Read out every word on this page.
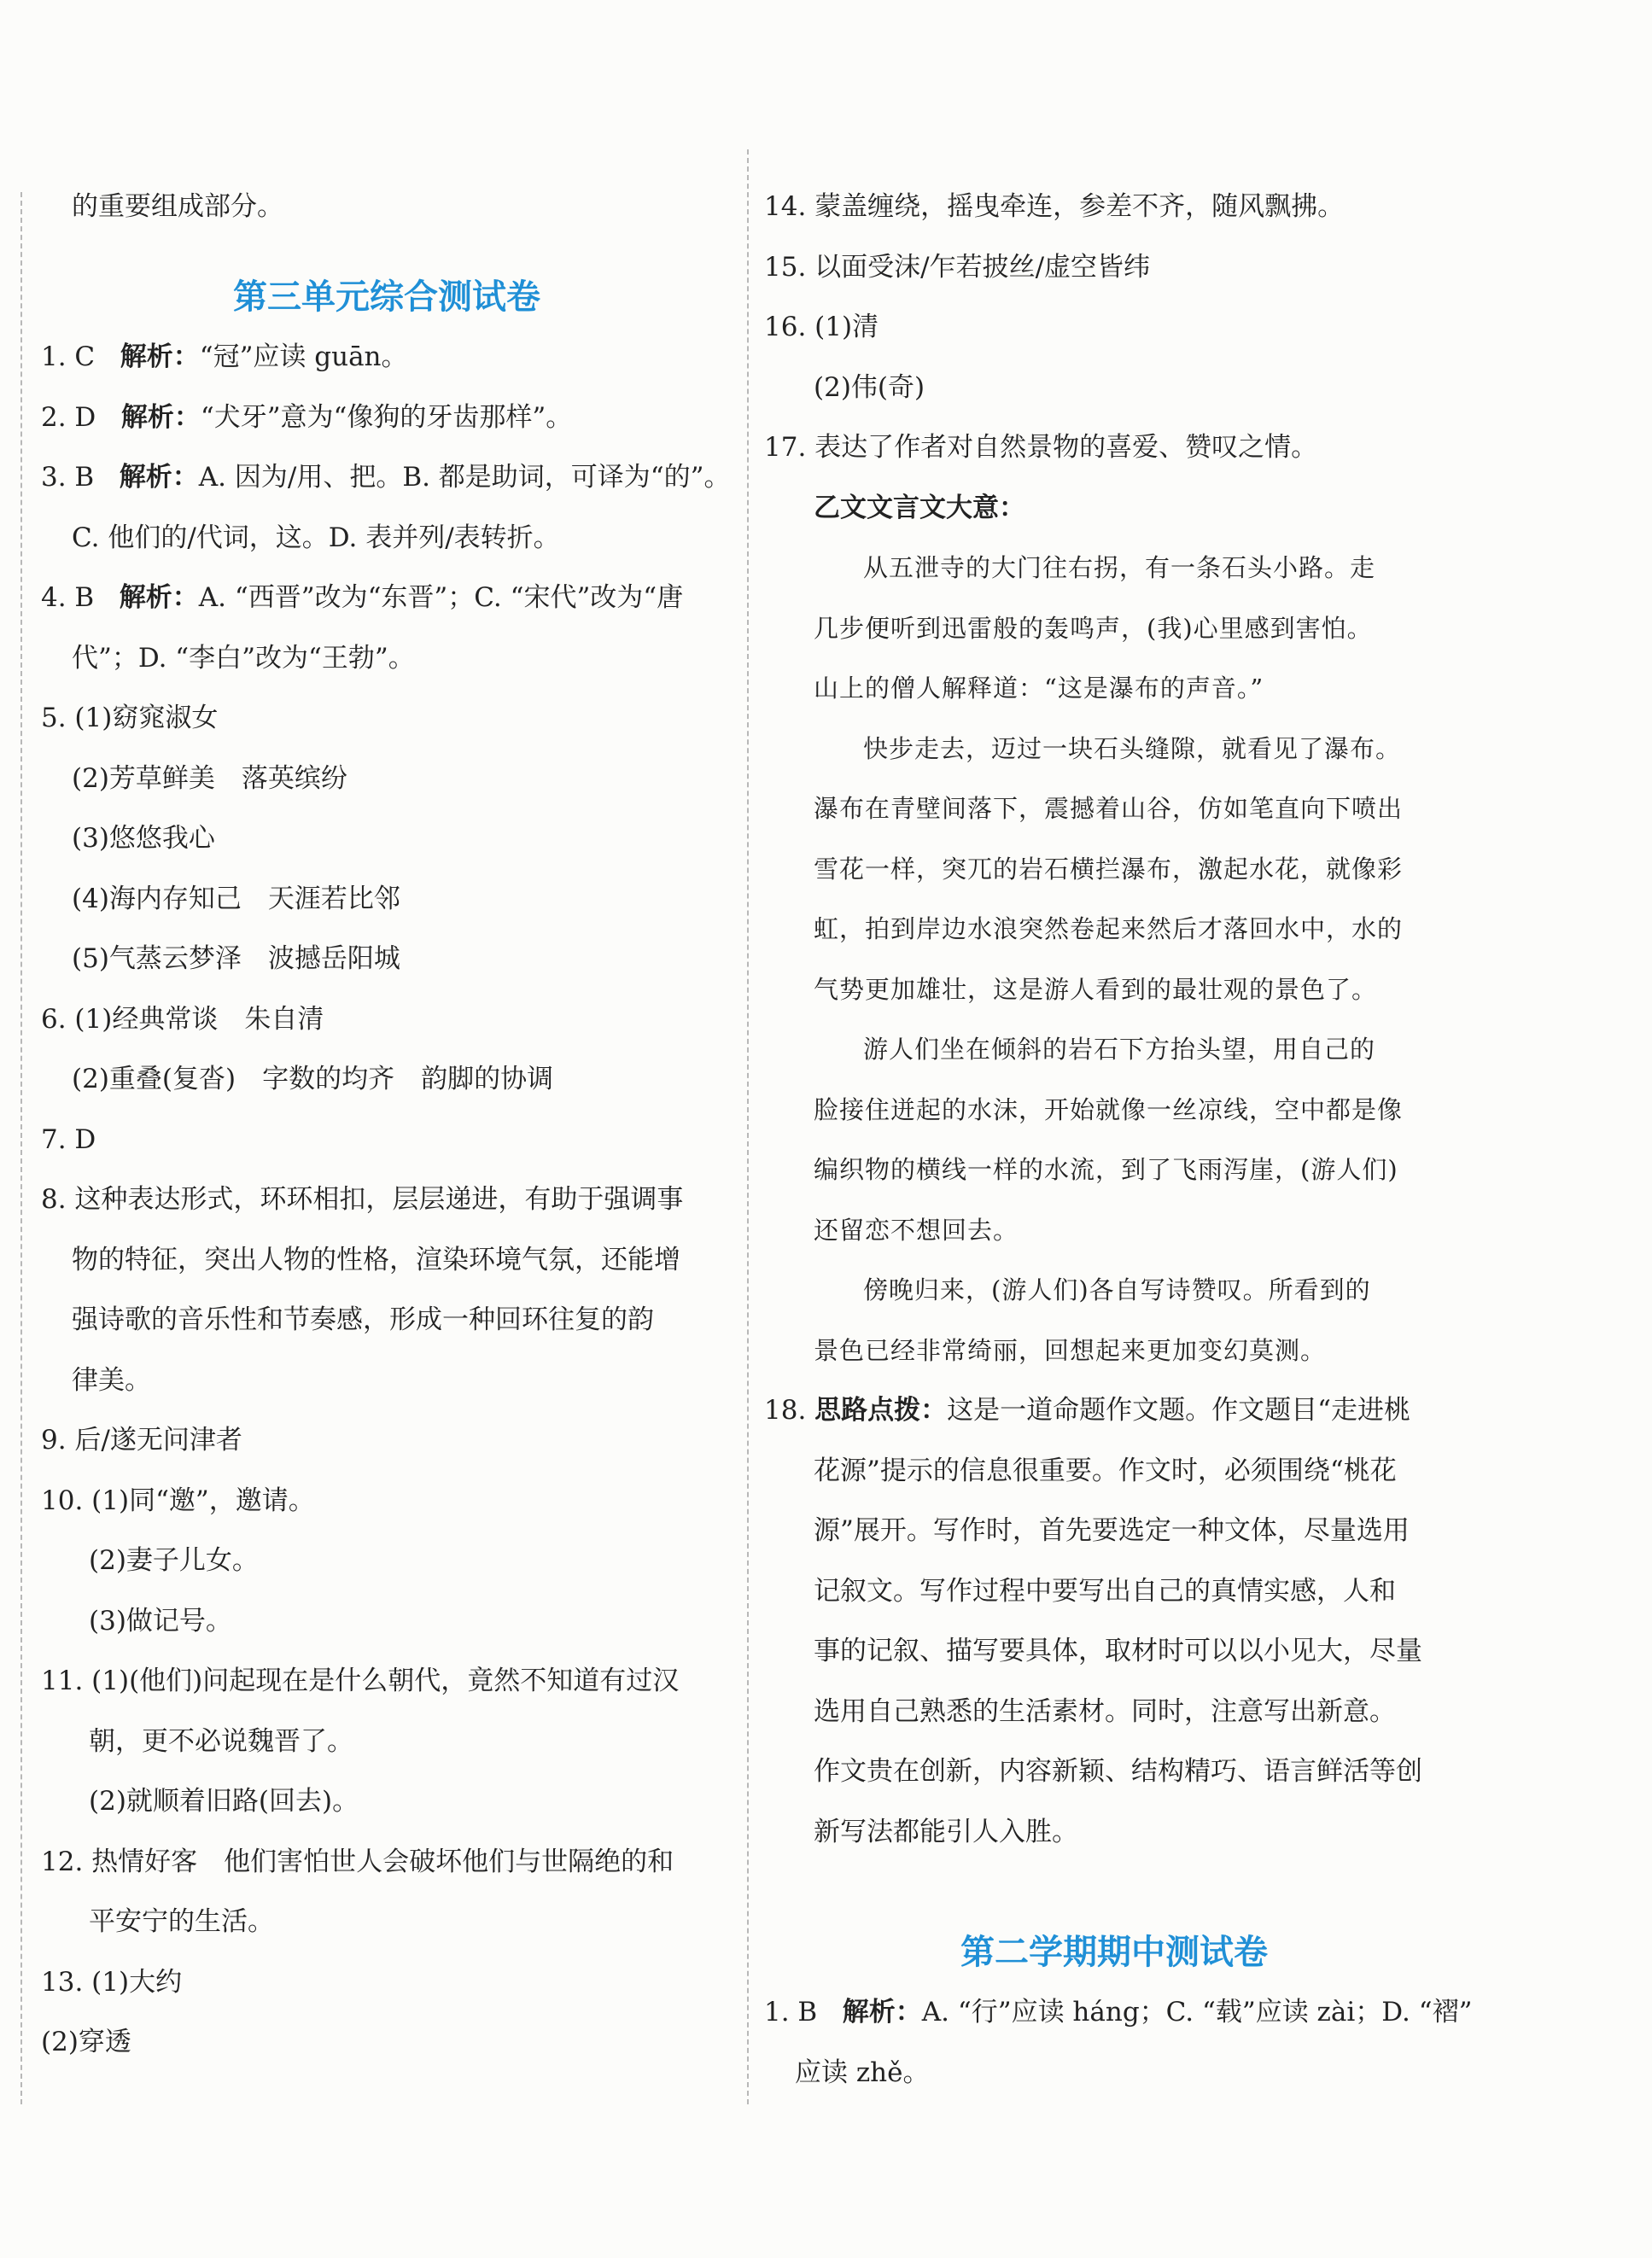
的重要组成部分。
第三单元综合测试卷
1. C 解析：“冠”应读 guān。
2. D 解析：“犬牙”意为“像狗的牙齿那样”。
3. B 解析：A. 因为/用、把。B. 都是助词，可译为“的”。
C. 他们的/代词，这。D. 表并列/表转折。
4. B 解析：A. “西晋”改为“东晋”；C. “宋代”改为“唐
代”；D. “李白”改为“王勃”。
5. (1)窈窕淑女
(2)芳草鲜美　落英缤纷
(3)悠悠我心
(4)海内存知己　天涯若比邻
(5)气蒸云梦泽　波撼岳阳城
6. (1)经典常谈　朱自清
(2)重叠(复沓)　字数的均齐　韵脚的协调
7. D
8. 这种表达形式，环环相扣，层层递进，有助于强调事
物的特征，突出人物的性格，渲染环境气氛，还能增
强诗歌的音乐性和节奏感，形成一种回环往复的韵
律美。
9. 后/遂无问津者
10. (1)同“邀”，邀请。
(2)妻子儿女。
(3)做记号。
11. (1)(他们)问起现在是什么朝代，竟然不知道有过汉
朝，更不必说魏晋了。
(2)就顺着旧路(回去)。
12. 热情好客　他们害怕世人会破坏他们与世隔绝的和
平安宁的生活。
13. (1)大约
(2)穿透
14. 蒙盖缠绕，摇曳牵连，参差不齐，随风飘拂。
15. 以面受沫/乍若披丝/虚空皆纬
16. (1)清
(2)伟(奇)
17. 表达了作者对自然景物的喜爱、赞叹之情。
乙文文言文大意：
从五泄寺的大门往右拐，有一条石头小路。走
几步便听到迅雷般的轰鸣声，(我)心里感到害怕。
山上的僧人解释道：“这是瀑布的声音。”
快步走去，迈过一块石头缝隙，就看见了瀑布。
瀑布在青壁间落下，震撼着山谷，仿如笔直向下喷出
雪花一样，突兀的岩石横拦瀑布，激起水花，就像彩
虹，拍到岸边水浪突然卷起来然后才落回水中，水的
气势更加雄壮，这是游人看到的最壮观的景色了。
游人们坐在倾斜的岩石下方抬头望，用自己的
脸接住迸起的水沫，开始就像一丝凉线，空中都是像
编织物的横线一样的水流，到了飞雨泻崖，(游人们)
还留恋不想回去。
傍晚归来，(游人们)各自写诗赞叹。所看到的
景色已经非常绮丽，回想起来更加变幻莫测。
18. 思路点拨：这是一道命题作文题。作文题目“走进桃
花源”提示的信息很重要。作文时，必须围绕“桃花
源”展开。写作时，首先要选定一种文体，尽量选用
记叙文。写作过程中要写出自己的真情实感，人和
事的记叙、描写要具体，取材时可以以小见大，尽量
选用自己熟悉的生活素材。同时，注意写出新意。
作文贵在创新，内容新颖、结构精巧、语言鲜活等创
新写法都能引人入胜。
第二学期期中测试卷
1. B 解析：A. “行”应读 háng；C. “载”应读 zài；D. “褶”
应读 zhě。
